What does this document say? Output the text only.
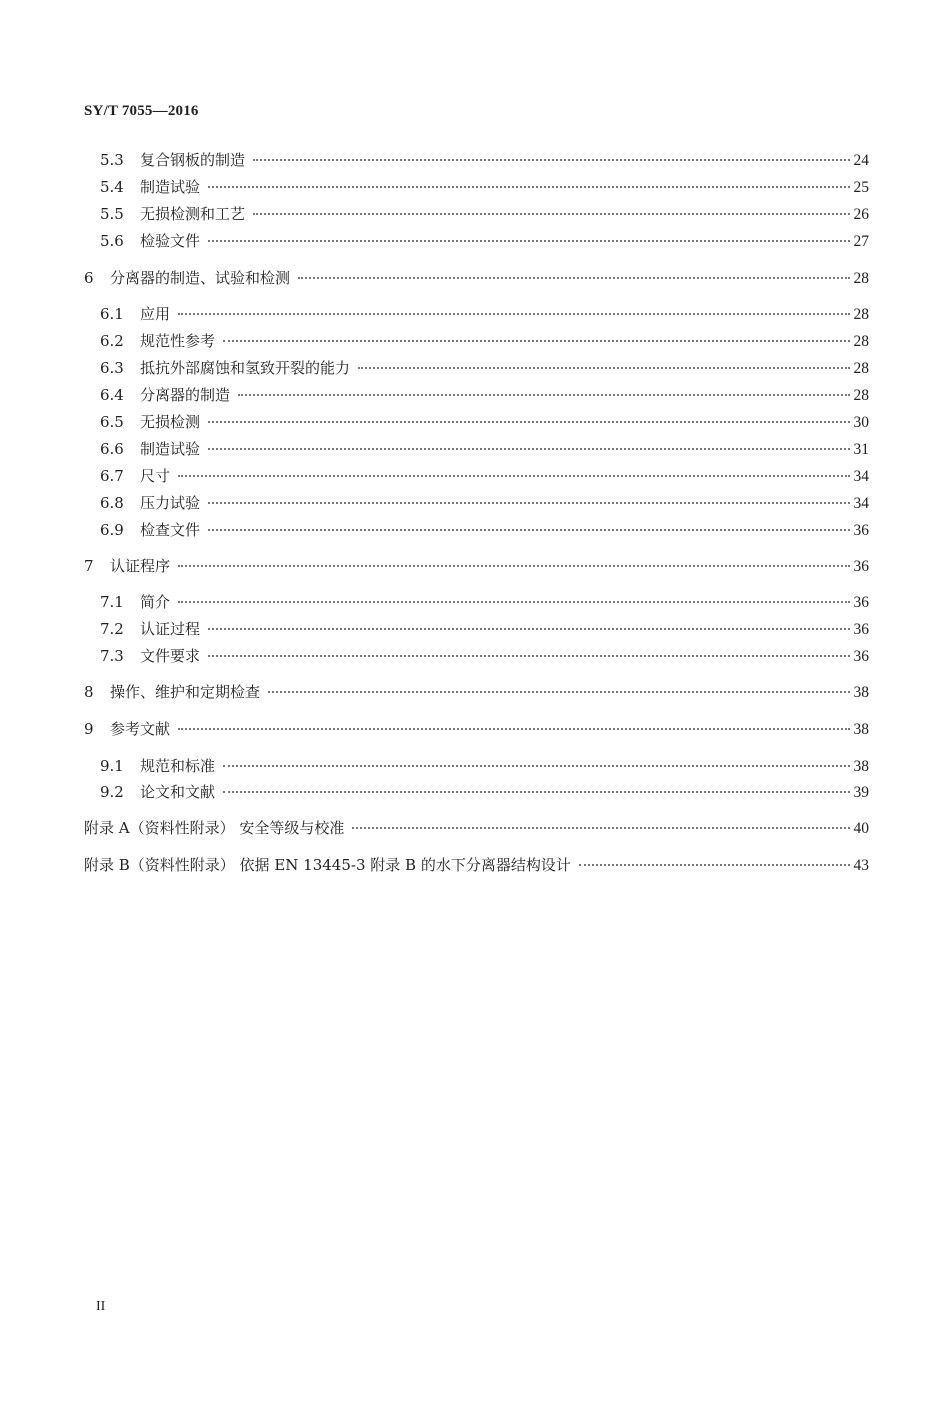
SY/T 7055—2016
5.3	复合钢板的制造	24
5.4	制造试验	25
5.5	无损检测和工艺	26
5.6	检验文件	27
6	分离器的制造、试验和检测	28
6.1	应用	28
6.2	规范性参考	28
6.3	抵抗外部腐蚀和氢致开裂的能力	28
6.4	分离器的制造	28
6.5	无损检测	30
6.6	制造试验	31
6.7	尺寸	34
6.8	压力试验	34
6.9	检查文件	36
7	认证程序	36
7.1	简介	36
7.2	认证过程	36
7.3	文件要求	36
8	操作、维护和定期检查	38
9	参考文献	38
9.1	规范和标准	38
9.2	论文和文献	39
附录 A（资料性附录） 安全等级与校准	40
附录 B（资料性附录） 依据 EN 13445-3 附录 B 的水下分离器结构设计	43
II
